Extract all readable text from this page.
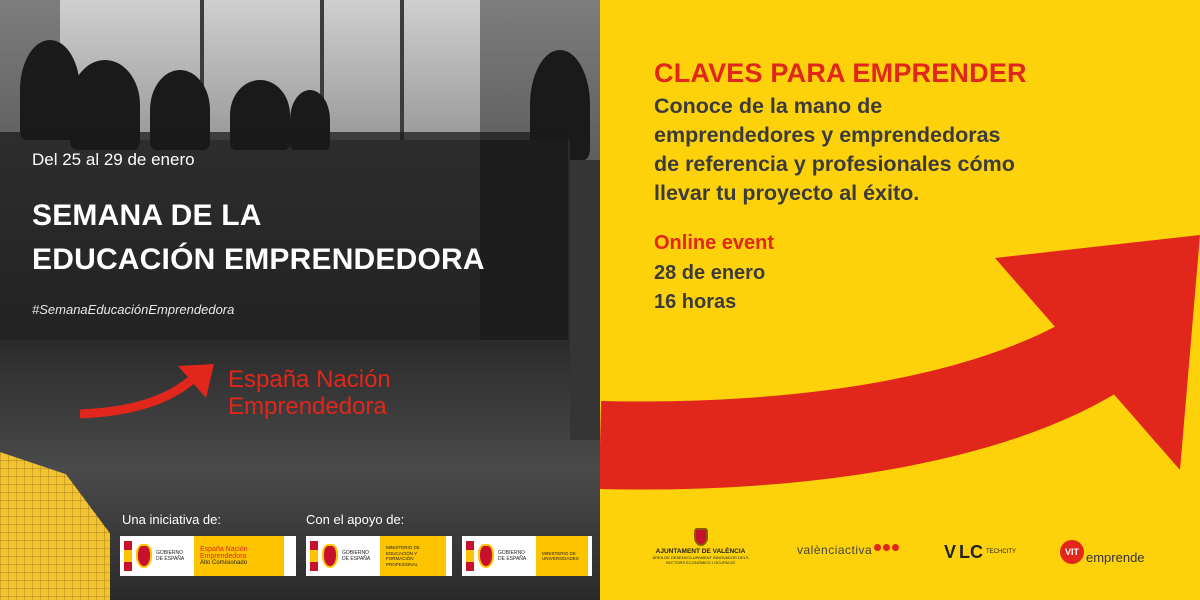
Del 25 al 29 de enero
SEMANA DE LA
EDUCACIÓN EMPRENDEDORA
#SemanaEducaciónEmprendedora
España Nación
Emprendedora
Una iniciativa de:	Con el apoyo de:
GOBIERNO DE ESPAÑA
España Nación
Emprendedora
Alto Comisionado
GOBIERNO DE ESPAÑA
MINISTERIO DE EDUCACIÓN Y FORMACIÓN PROFESIONAL
GOBIERNO DE ESPAÑA
MINISTERIO DE UNIVERSIDADES
CLAVES PARA EMPRENDER
Conoce de la mano de
emprendedores y emprendedoras
de referencia y profesionales cómo
llevar tu proyecto al éxito.
Online event
28 de enero
16 horas
AJUNTAMENT DE VALÈNCIA
ÀREA DE DESENVOLUPAMENT INNOVADOR DELS SECTORS ECONÒMICS I OCUPACIÓ
valènciactiva	V LC TECHCITY	VIT emprende
